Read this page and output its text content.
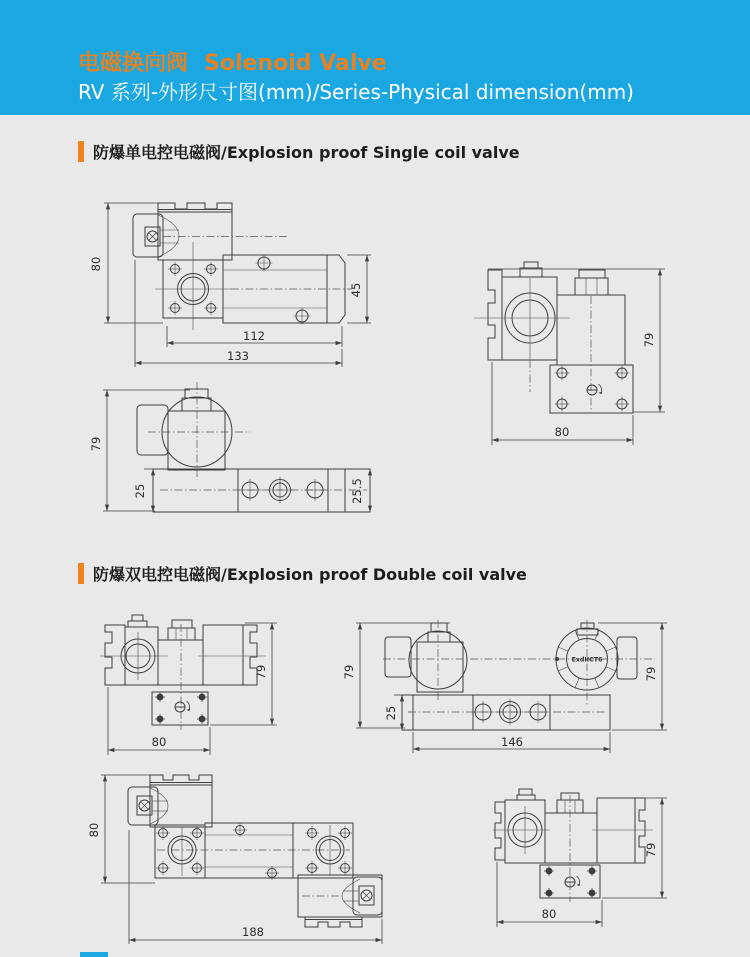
电磁换向阀 Solenoid Valve
RV 系列-外形尺寸图(mm)/Series-Physical dimension(mm)
防爆单电控电磁阀/Explosion proof Single coil valve
80
45
112
133
79
80
79
25	25.5
防爆双电控电磁阀/Explosion proof Double coil valve
79
80
ExdIICT6
79
25
79
146
80
188
79
80
